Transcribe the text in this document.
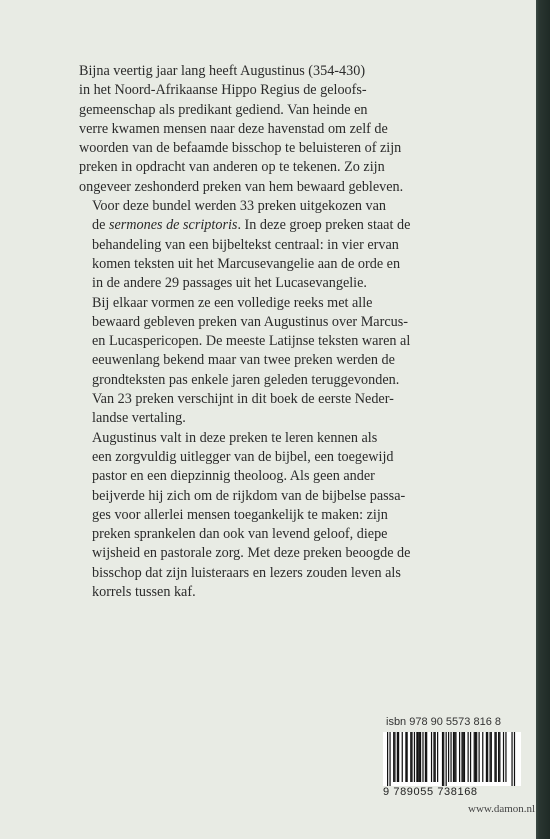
Bijna veertig jaar lang heeft Augustinus (354-430)
in het Noord-Afrikaanse Hippo Regius de geloofs-
gemeenschap als predikant gediend. Van heinde en
verre kwamen mensen naar deze havenstad om zelf de
woorden van de befaamde bisschop te beluisteren of zijn
preken in opdracht van anderen op te tekenen. Zo zijn
ongeveer zeshonderd preken van hem bewaard gebleven.

Voor deze bundel werden 33 preken uitgekozen van
de sermones de scriptoris. In deze groep preken staat de
behandeling van een bijbeltekst centraal: in vier ervan
komen teksten uit het Marcusevangelie aan de orde en
in de andere 29 passages uit het Lucasevangelie.

Bij elkaar vormen ze een volledige reeks met alle
bewaard gebleven preken van Augustinus over Marcus-
en Lucaspericopen. De meeste Latijnse teksten waren al
eeuwenlang bekend maar van twee preken werden de
grondteksten pas enkele jaren geleden teruggevonden.
Van 23 preken verschijnt in dit boek de eerste Neder-
landse vertaling.

Augustinus valt in deze preken te leren kennen als
een zorgvuldig uitlegger van de bijbel, een toegewijd
pastor en een diepzinnig theoloog. Als geen ander
beijverde hij zich om de rijkdom van de bijbelse passa-
ges voor allerlei mensen toegankelijk te maken: zijn
preken sprankelen dan ook van levend geloof, diepe
wijsheid en pastorale zorg. Met deze preken beoogde de
bisschop dat zijn luisteraars en lezers zouden leven als
korrels tussen kaf.

isbn 978 90 5573 816 8
9 789055 738168
www.damon.nl
